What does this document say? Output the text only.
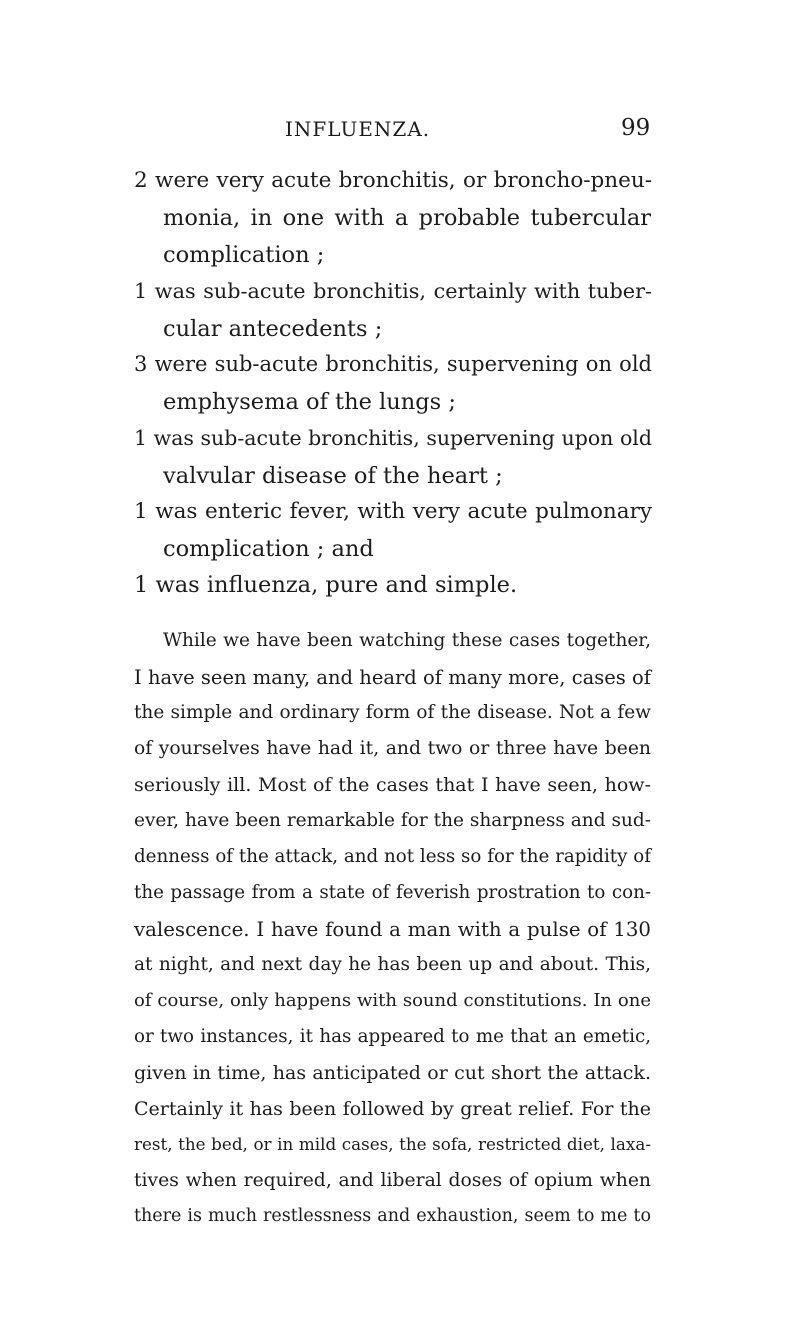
INFLUENZA.	99
2 were very acute bronchitis, or broncho-pneu-
monia, in one with a probable tubercular
complication ;
1 was sub-acute bronchitis, certainly with tuber-
cular antecedents ;
3 were sub-acute bronchitis, supervening on old
emphysema of the lungs ;
1 was sub-acute bronchitis, supervening upon old
valvular disease of the heart ;
1 was enteric fever, with very acute pulmonary
complication ; and
1 was influenza, pure and simple.
While we have been watching these cases together,
I have seen many, and heard of many more, cases of
the simple and ordinary form of the disease. Not a few
of yourselves have had it, and two or three have been
seriously ill. Most of the cases that I have seen, how-
ever, have been remarkable for the sharpness and sud-
denness of the attack, and not less so for the rapidity of
the passage from a state of feverish prostration to con-
valescence. I have found a man with a pulse of 130
at night, and next day he has been up and about. This,
of course, only happens with sound constitutions. In one
or two instances, it has appeared to me that an emetic,
given in time, has anticipated or cut short the attack.
Certainly it has been followed by great relief. For the
rest, the bed, or in mild cases, the sofa, restricted diet, laxa-
tives when required, and liberal doses of opium when
there is much restlessness and exhaustion, seem to me to
